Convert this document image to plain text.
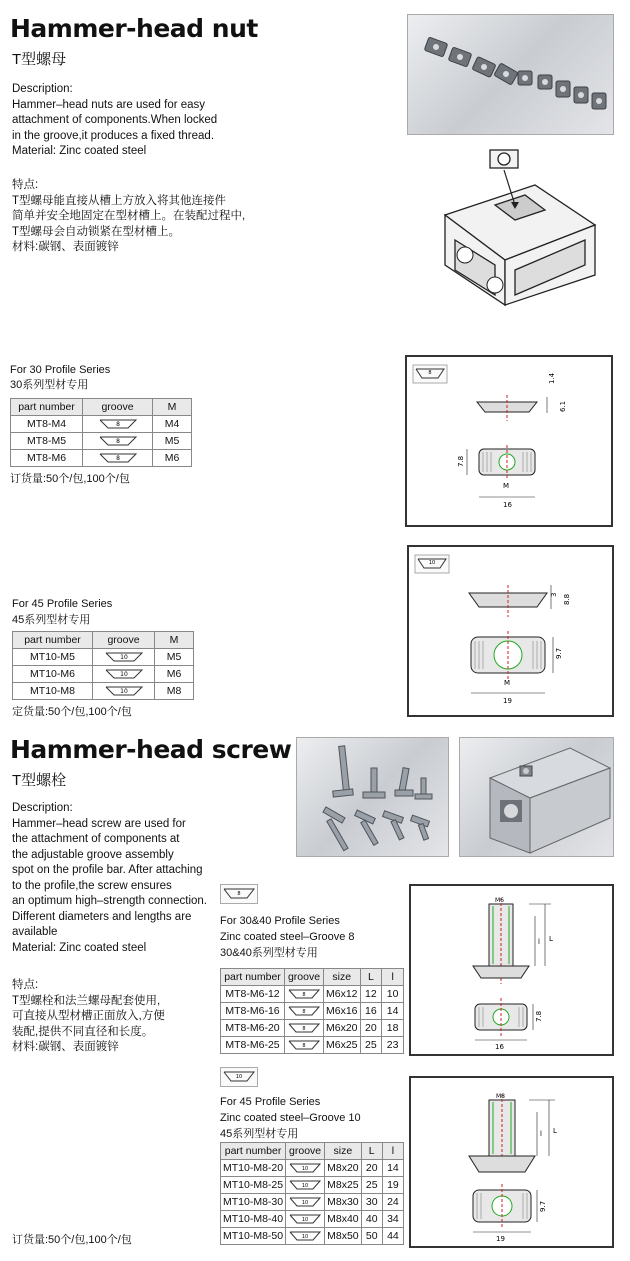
Hammer-head nut
T型螺母
Description:
Hammer–head nuts are used for easy
attachment of components.When locked
in the groove,it produces a fixed thread.
Material: Zinc coated steel
特点:
T型螺母能直接从槽上方放入将其他连接件
简单并安全地固定在型材槽上。在装配过程中,
T型螺母会自动锁紧在型材槽上。
材料:碳钢、表面镀锌
For 30 Profile Series
30系列型材专用
part number	groove	M
MT8-M4	8	M4
MT8-M5	8	M5
MT8-M6	8	M6
订货量:50个/包,100个/包
8	1.4
6.1
7.8
M
16
For 45 Profile Series
45系列型材专用
part number	groove	M
MT10-M5	10	M5
MT10-M6	10	M6
MT10-M8	10	M8
定货量:50个/包,100个/包
10
3 8.8
9.7
M
19
Hammer-head screw
T型螺栓
Description:
Hammer–head screw are used for
the attachment of components at
the adjustable groove assembly
spot on the profile bar. After attaching
to the profile,the screw ensures
an optimum high–strength connection.
Different diameters and lengths are
available
Material: Zinc coated steel
特点:
T型螺栓和法兰螺母配套使用,
可直接从型材槽正面放入,方便
装配,提供不同直径和长度。
材料:碳钢、表面镀锌
订货量:50个/包,100个/包
8
For 30&40 Profile Series
Zinc coated steel–Groove 8
30&40系列型材专用
part number	groove	size	L	l
MT8-M6-12	8	M6x12	12	10
MT8-M6-16	8	M6x16	16	14
MT8-M6-20	8	M6x20	20	18
MT8-M6-25	8	M6x25	25	23
M6
L
l
7.8
16
10
For 45 Profile Series
Zinc coated steel–Groove 10
45系列型材专用
part number	groove	size	L	l
MT10-M8-20	10	M8x20	20	14
MT10-M8-25	10	M8x25	25	19
MT10-M8-30	10	M8x30	30	24
MT10-M8-40	10	M8x40	40	34
MT10-M8-50	10	M8x50	50	44
M8
L
l
9.7
19
